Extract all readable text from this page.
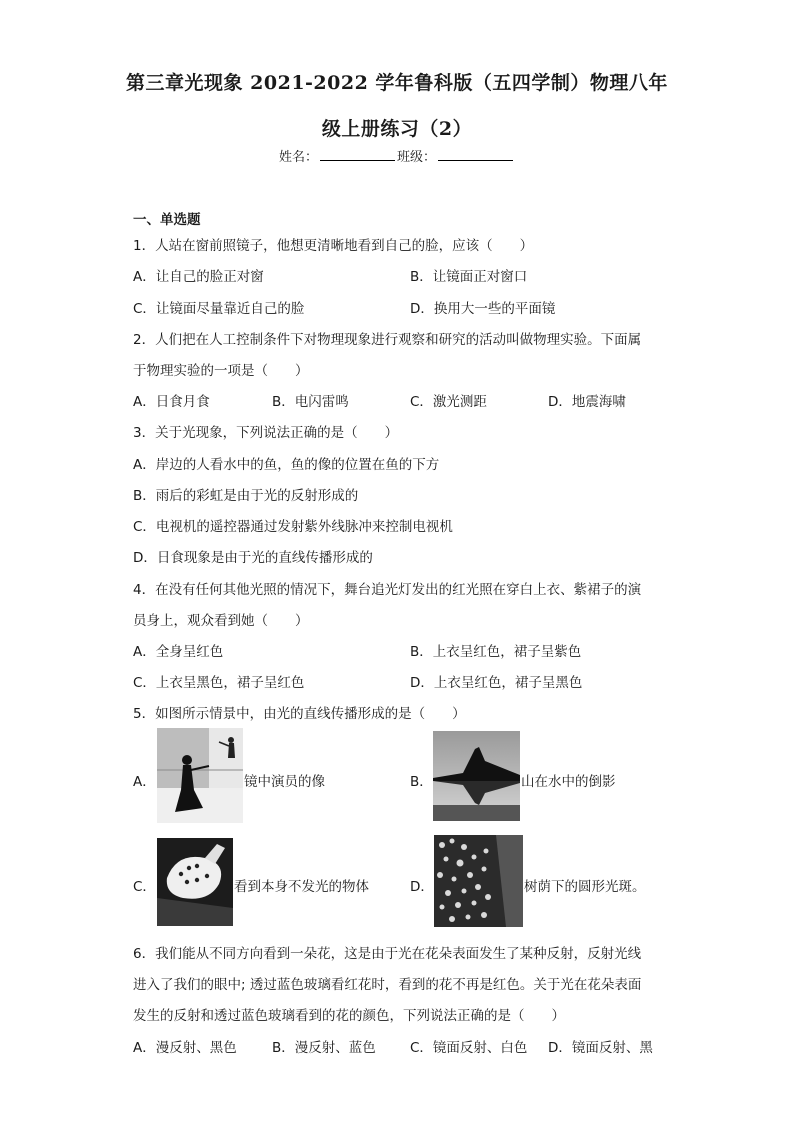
第三章光现象 2021-2022 学年鲁科版（五四学制）物理八年
级上册练习（2）
姓名：	班级：
一、单选题
1．人站在窗前照镜子，他想更清晰地看到自己的脸，应该（　　）
A．让自己的脸正对窗	B．让镜面正对窗口
C．让镜面尽量靠近自己的脸	D．换用大一些的平面镜
2．人们把在人工控制条件下对物理现象进行观察和研究的活动叫做物理实验。下面属
于物理实验的一项是（　　）
A．日食月食	B．电闪雷鸣	C．激光测距	D．地震海啸
3．关于光现象，下列说法正确的是（　　）
A．岸边的人看水中的鱼，鱼的像的位置在鱼的下方
B．雨后的彩虹是由于光的反射形成的
C．电视机的遥控器通过发射紫外线脉冲来控制电视机
D．日食现象是由于光的直线传播形成的
4．在没有任何其他光照的情况下，舞台追光灯发出的红光照在穿白上衣、紫裙子的演
员身上，观众看到她（　　）
A．全身呈红色	B．上衣呈红色，裙子呈紫色
C．上衣呈黑色，裙子呈红色	D．上衣呈红色，裙子呈黑色
5．如图所示情景中，由光的直线传播形成的是（　　）
A．	镜中演员的像	B．	山在水中的倒影
C．	看到本身不发光的物体	D．	树荫下的圆形光斑。
6．我们能从不同方向看到一朵花，这是由于光在花朵表面发生了某种反射，反射光线
进入了我们的眼中; 透过蓝色玻璃看红花时，看到的花不再是红色。关于光在花朵表面
发生的反射和透过蓝色玻璃看到的花的颜色，下列说法正确的是（　　）
A．漫反射、黑色	B．漫反射、蓝色	C．镜面反射、白色 D．镜面反射、黑
